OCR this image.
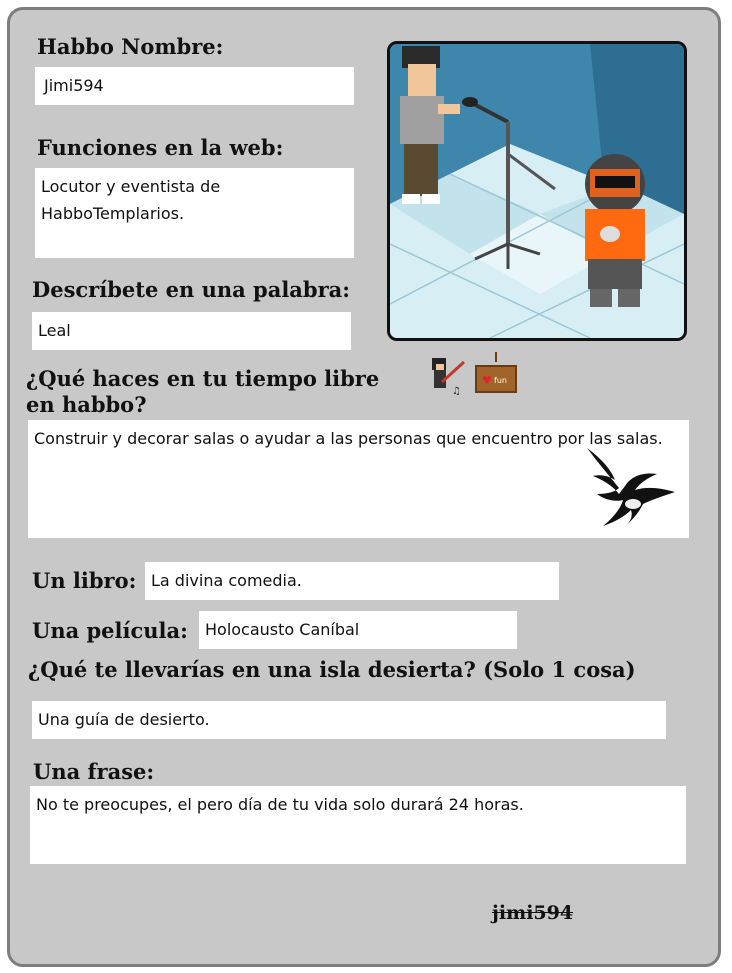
Habbo Nombre:
Jimi594
Funciones en la web:
Locutor y eventista de HabboTemplarios.
Descríbete en una palabra:
Leal
¿Qué haces en tu tiempo libre
en habbo?
♫
♥ fun
Construir y decorar salas o ayudar a las personas que encuentro por las salas.
Un libro: La divina comedia.
Una película:	Holocausto Caníbal
¿Qué te llevarías en una isla desierta? (Solo 1 cosa)
Una guía de desierto.
Una frase:
No te preocupes, el pero día de tu vida solo durará 24 horas.
jimi594
